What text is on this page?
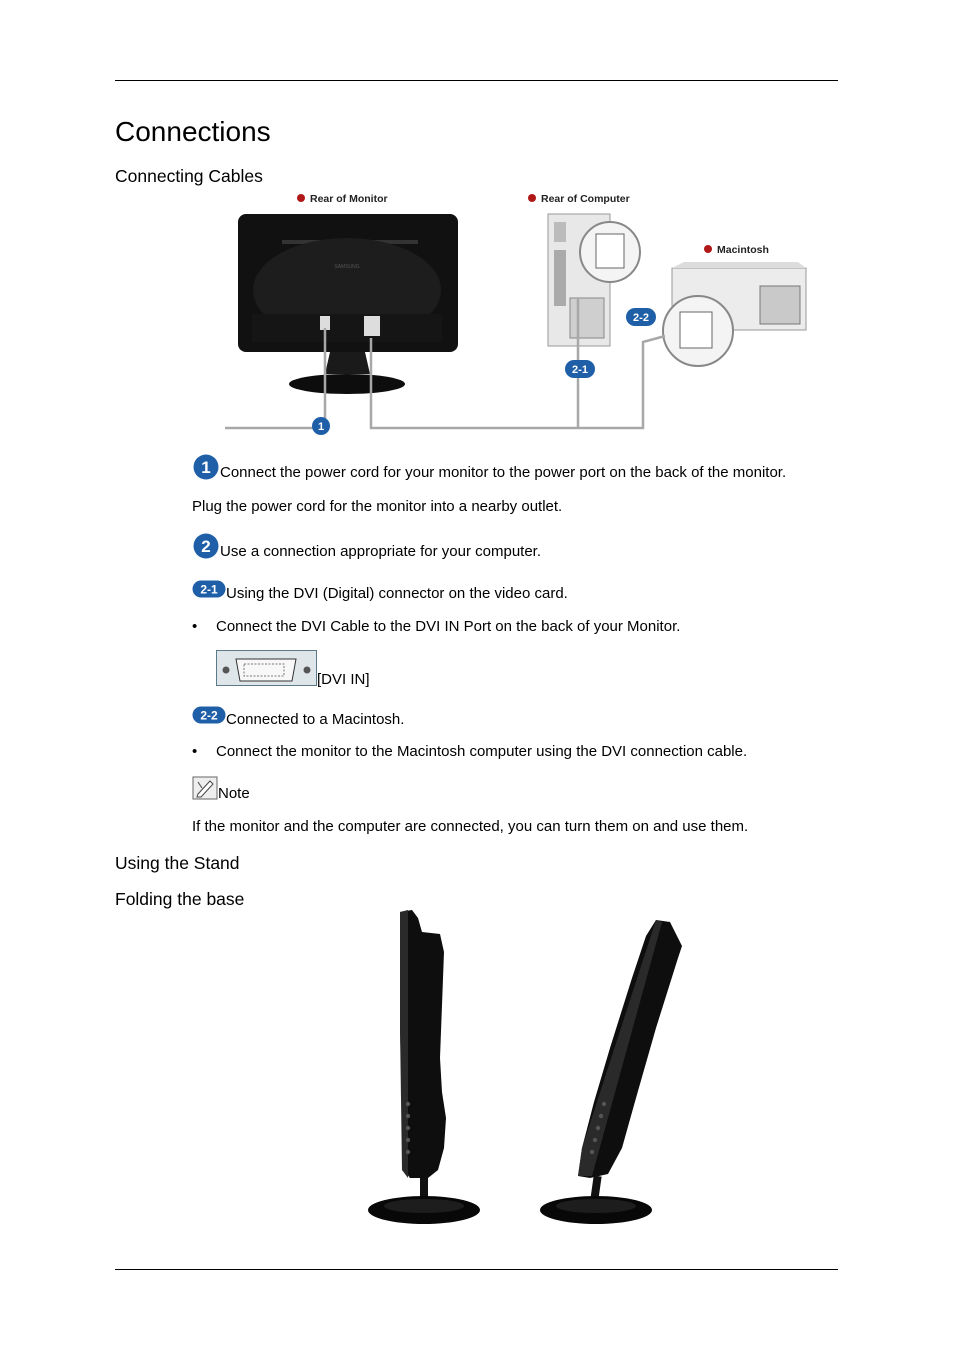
Connections
Connecting Cables
Rear of Monitor	Rear of Computer
Macintosh
SAMSUNG
1
2-1
2-2
1 Connect the power cord for your monitor to the power port on the back of the monitor.
Plug the power cord for the monitor into a nearby outlet.
2 Use a connection appropriate for your computer.
2-1 Using the DVI (Digital) connector on the video card.
• Connect the DVI Cable to the DVI IN Port on the back of your Monitor.
[DVI IN]
2-2 Connected to a Macintosh.
• Connect the monitor to the Macintosh computer using the DVI connection cable.
Note
If the monitor and the computer are connected, you can turn them on and use them.
Using the Stand
Folding the base
